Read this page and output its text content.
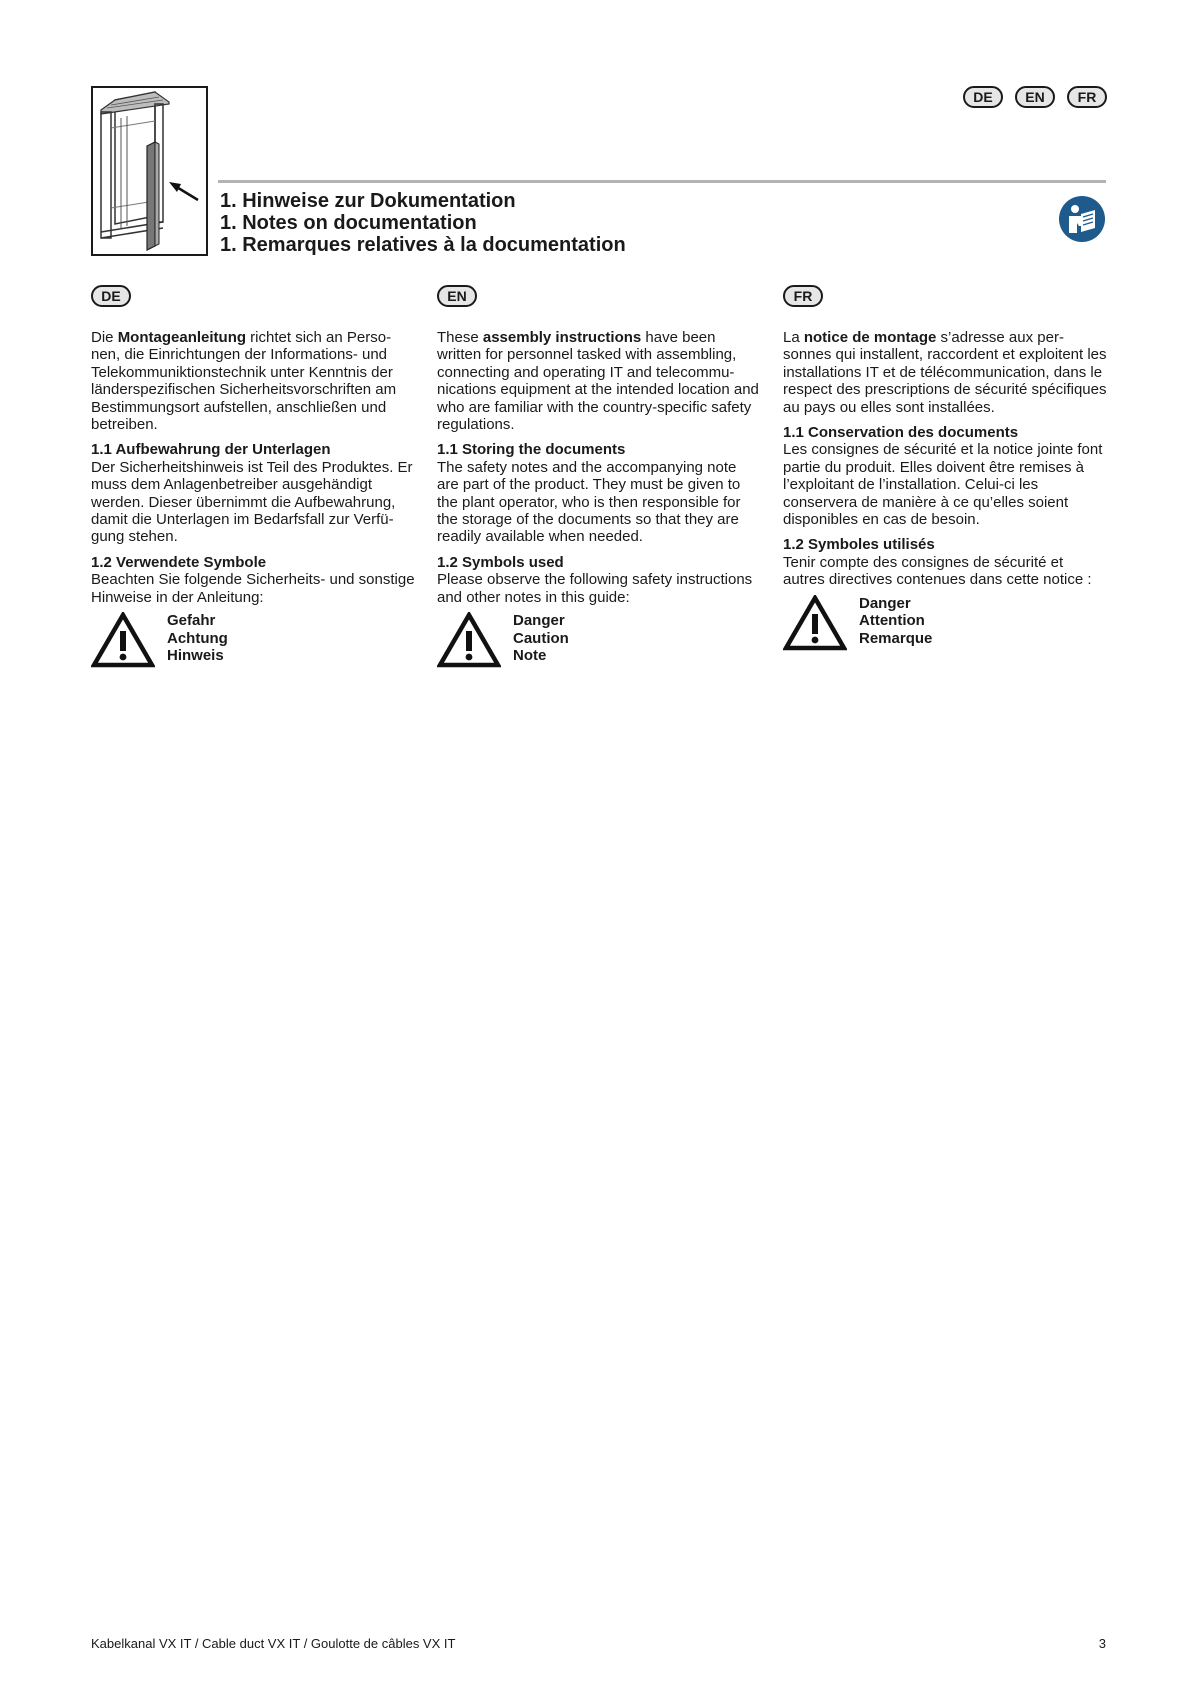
DE	EN	FR
1. Hinweise zur Dokumentation
1. Notes on documentation
1. Remarques relatives à la documentation
DE

Die Montageanleitung richtet sich an Perso-nen, die Einrichtungen der Informations- und Telekommuniktionstechnik unter Kenntnis der länderspezifischen Sicherheitsvorschriften am Bestimmungsort aufstellen, anschließen und betreiben.

1.1 Aufbewahrung der Unterlagen

Der Sicherheitshinweis ist Teil des Produktes. Er muss dem Anlagenbetreiber ausgehändigt werden. Dieser übernimmt die Aufbewahrung, damit die Unterlagen im Bedarfsfall zur Verfü-gung stehen.

1.2 Verwendete Symbole

Beachten Sie folgende Sicherheits- und sonstige Hinweise in der Anleitung:

Gefahr
Achtung
Hinweis
EN

These assembly instructions have been written for personnel tasked with assembling, connecting and operating IT and telecommu-nications equipment at the intended location and who are familiar with the country-specific safety regulations.

1.1 Storing the documents

The safety notes and the accompanying note are part of the product. They must be given to the plant operator, who is then responsible for the storage of the documents so that they are readily available when needed.

1.2 Symbols used

Please observe the following safety instructions and other notes in this guide:

Danger
Caution
Note
FR

La notice de montage s’adresse aux per-sonnes qui installent, raccordent et exploitent les installations IT et de télécommunication, dans le respect des prescriptions de sécurité spécifiques au pays ou elles sont installées.

1.1 Conservation des documents

Les consignes de sécurité et la notice jointe font partie du produit. Elles doivent être remises à l’exploitant de l’installation. Celui-ci les conservera de manière à ce qu’elles soient disponibles en cas de besoin.

1.2 Symboles utilisés

Tenir compte des consignes de sécurité et autres directives contenues dans cette notice :

Danger
Attention
Remarque
Kabelkanal VX IT / Cable duct VX IT / Goulotte de câbles VX IT	3
